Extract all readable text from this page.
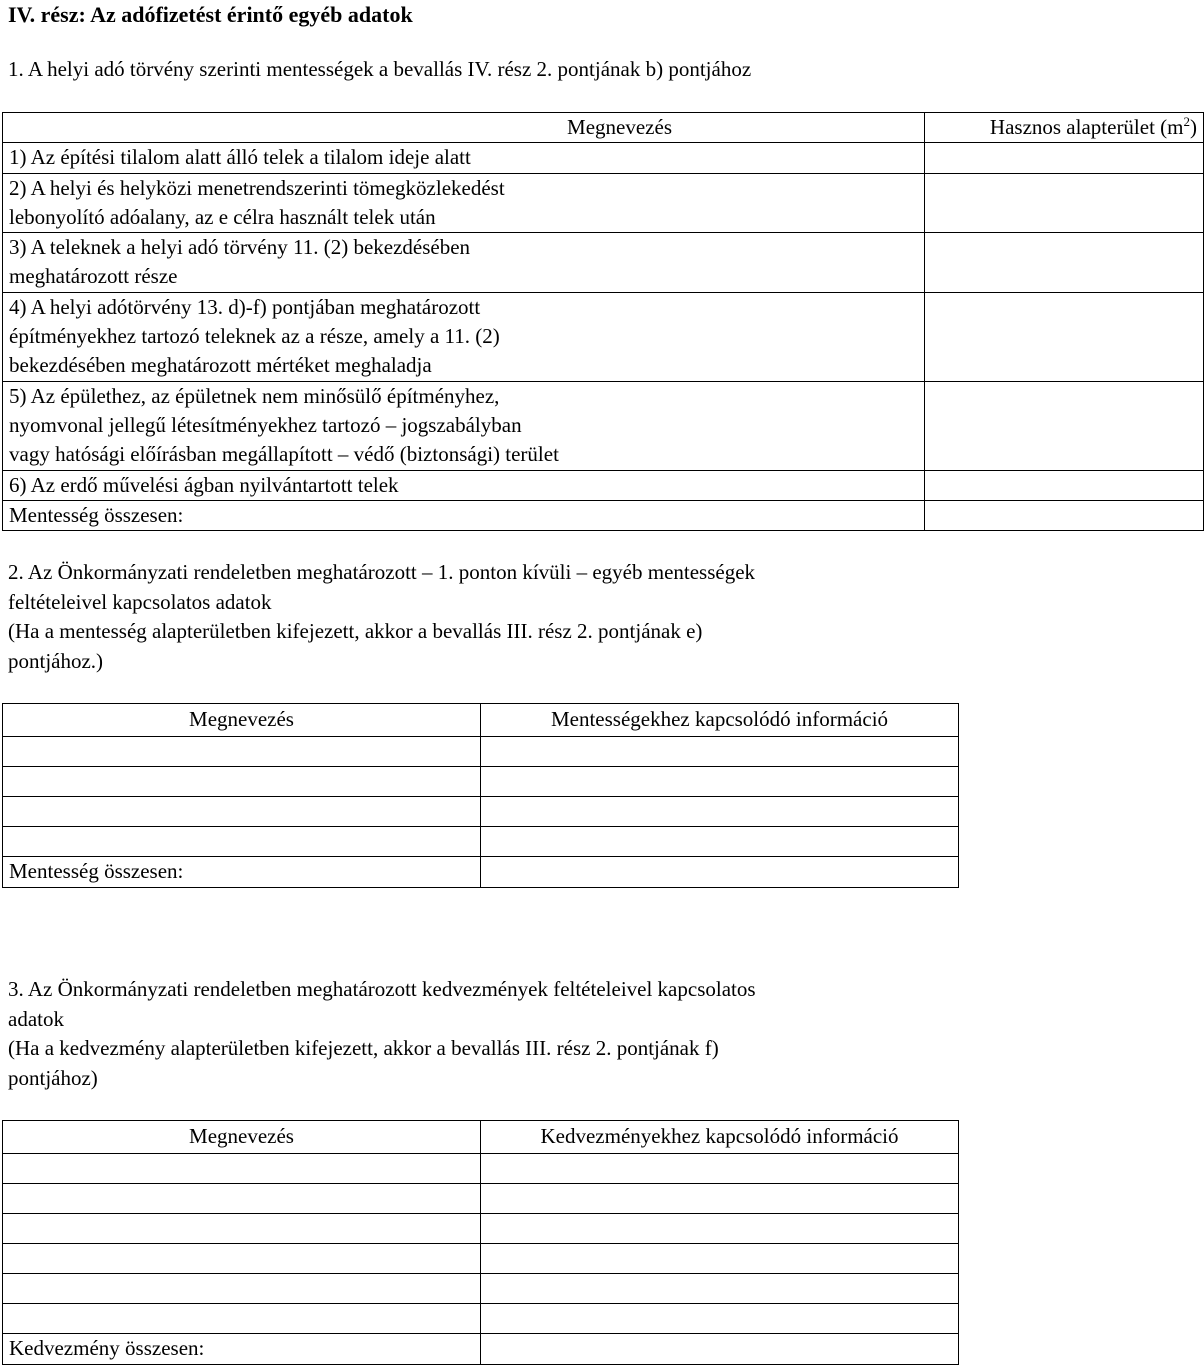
IV. rész: Az adófizetést érintő egyéb adatok
1. A helyi adó törvény szerinti mentességek a bevallás IV. rész 2. pontjának b) pontjához
Megnevezés	Hasznos alapterület $(m^2)$

1) Az építési tilalom alatt álló telek a tilalom ideje alatt	

2) A helyi és helyközi menetrendszerinti tömegközlekedést
lebonyolító adóalany, az e célra használt telek után	

3) A teleknek a helyi adó törvény 11. (2) bekezdésében
meghatározott része	

4) A helyi adótörvény 13. d)-f) pontjában meghatározott
építményekhez tartozó teleknek az a része, amely a 11. (2)
bekezdésében meghatározott mértéket meghaladja	

5) Az épülethez, az épületnek nem minősülő építményhez,
nyomvonal jellegű létesítményekhez tartozó – jogszabályban
vagy hatósági előírásban megállapított – védő (biztonsági) terület	

6) Az erdő művelési ágban nyilvántartott telek	

Mentesség összesen:	

2. Az Önkormányzati rendeletben meghatározott – 1. ponton kívüli – egyéb mentességek
feltételeivel kapcsolatos adatok
(Ha a mentesség alapterületben kifejezett, akkor a bevallás III. rész 2. pontjának e)
pontjához.)
Megnevezés	Mentességekhez kapcsolódó információ

Mentesség összesen:	
3. Az Önkormányzati rendeletben meghatározott kedvezmények feltételeivel kapcsolatos
adatok
(Ha a kedvezmény alapterületben kifejezett, akkor a bevallás III. rész 2. pontjának f)
pontjához)
Megnevezés	Kedvezményekhez kapcsolódó információ

Kedvezmény összesen:	
